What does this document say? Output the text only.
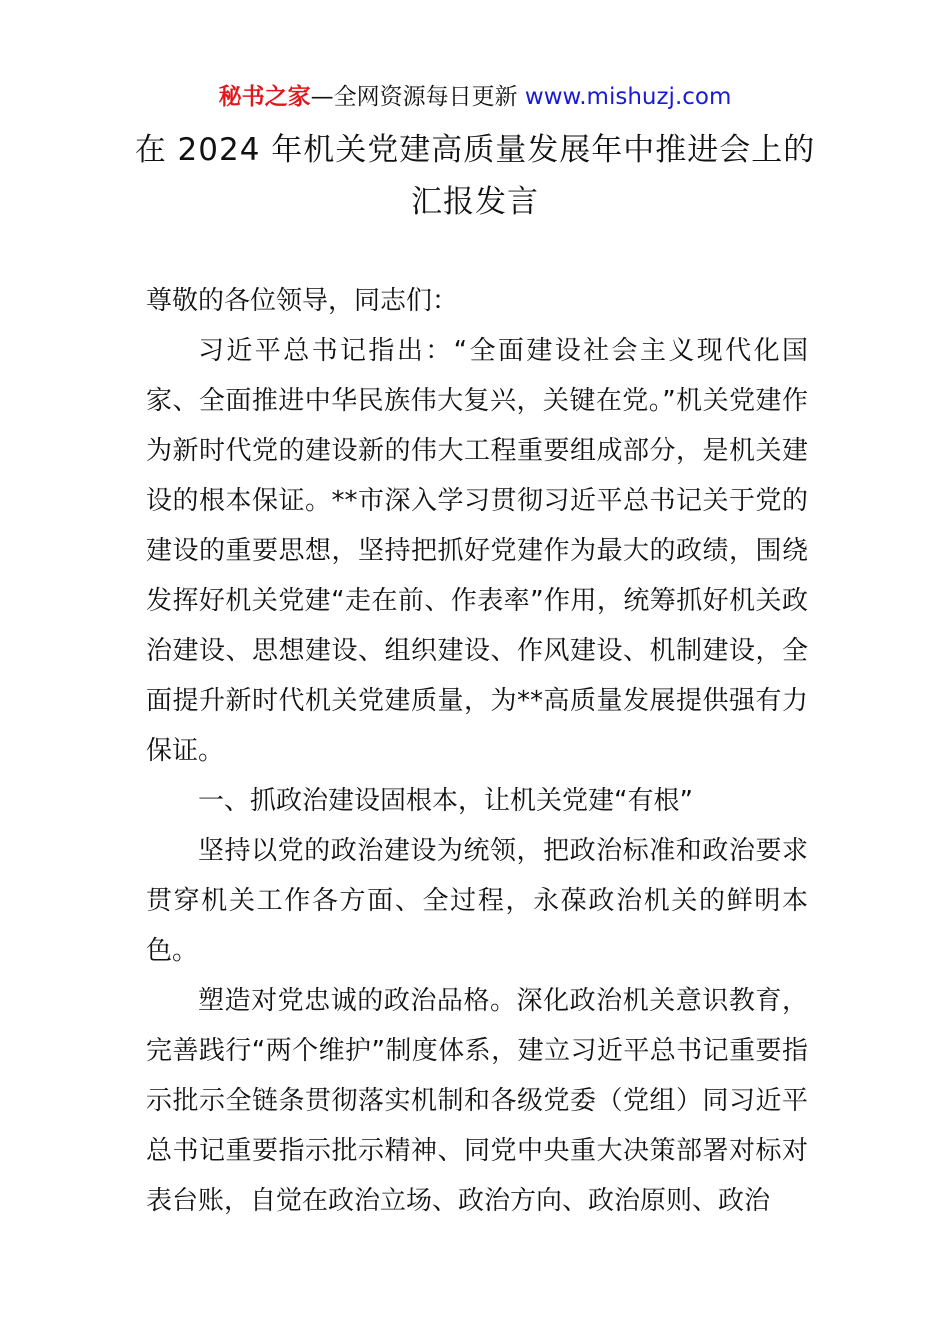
秘书之家—全网资源每日更新 www.mishuzj.com
在 2024 年机关党建高质量发展年中推进会上的
汇报发言

尊敬的各位领导，同志们：

习近平总书记指出：“全面建设社会主义现代化国家、全面推进中华民族伟大复兴，关键在党。”机关党建作为新时代党的建设新的伟大工程重要组成部分，是机关建设的根本保证。**市深入学习贯彻习近平总书记关于党的建设的重要思想，坚持把抓好党建作为最大的政绩，围绕发挥好机关党建“走在前、作表率”作用，统筹抓好机关政治建设、思想建设、组织建设、作风建设、机制建设，全面提升新时代机关党建质量，为**高质量发展提供强有力保证。

一、抓政治建设固根本，让机关党建“有根”

坚持以党的政治建设为统领，把政治标准和政治要求贯穿机关工作各方面、全过程，永葆政治机关的鲜明本色。

塑造对党忠诚的政治品格。深化政治机关意识教育，完善践行“两个维护”制度体系，建立习近平总书记重要指示批示全链条贯彻落实机制和各级党委（党组）同习近平总书记重要指示批示精神、同党中央重大决策部署对标对表台账，自觉在政治立场、政治方向、政治原则、政治
